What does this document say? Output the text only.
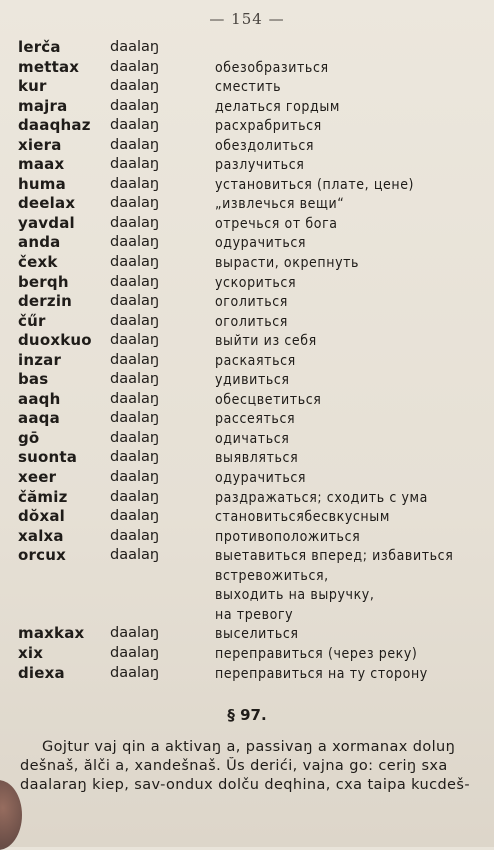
— 154 —
lerča	daalaŋ
mettax daalaŋ	обезобразиться
kur	daalaŋ	сместить
majra	daalaŋ	делаться гордым
daaqhaz daalaŋ	расхрабриться
xiera	daalaŋ	обездолиться
maax	daalaŋ	разлучиться
huma	daalaŋ	установиться (плате, цене)
deelax daalaŋ	„извлечься вещи“
yavdal daalaŋ	отречься от бога
anda	daalaŋ	одурачиться
čexk	daalaŋ	вырасти, окрепнуть
berqh	daalaŋ	ускориться
derzin	daalaŋ	оголиться
čűr	daalaŋ	оголиться
duoxkuo daalaŋ	выйти из себя
inzar	daalaŋ	раскаяться
bas	daalaŋ	удивиться
aaqh	daalaŋ	обесцветиться
aaqa	daalaŋ	рассеяться
gō	daalaŋ	одичаться
suonta daalaŋ	выявляться
xeer	daalaŋ	одурачиться
čămiz	daalaŋ	раздражаться; сходить с ума
dŏxal	daalaŋ	становитьсябесвкусным
xalxa	daalaŋ	противоположиться
orcux	daalaŋ	выетавиться вперед; избавиться
встревожиться,
выходить на выручку,
на тревогу
maxkax daalaŋ	выселиться
xix	daalaŋ	переправиться (через реку)
diexa	daalaŋ	переправиться на ту сторону
§ 97.
Gojtur vaj qin a aktivaŋ a, passivaŋ a xormanax doluŋ
dešnaš, ălči a, xandešnaš. Ŭs derići, vajna go: ceriŋ sxa
daalaraŋ kiep, sav-ondux dolču deqhina, cxa taipa kucdeš-
